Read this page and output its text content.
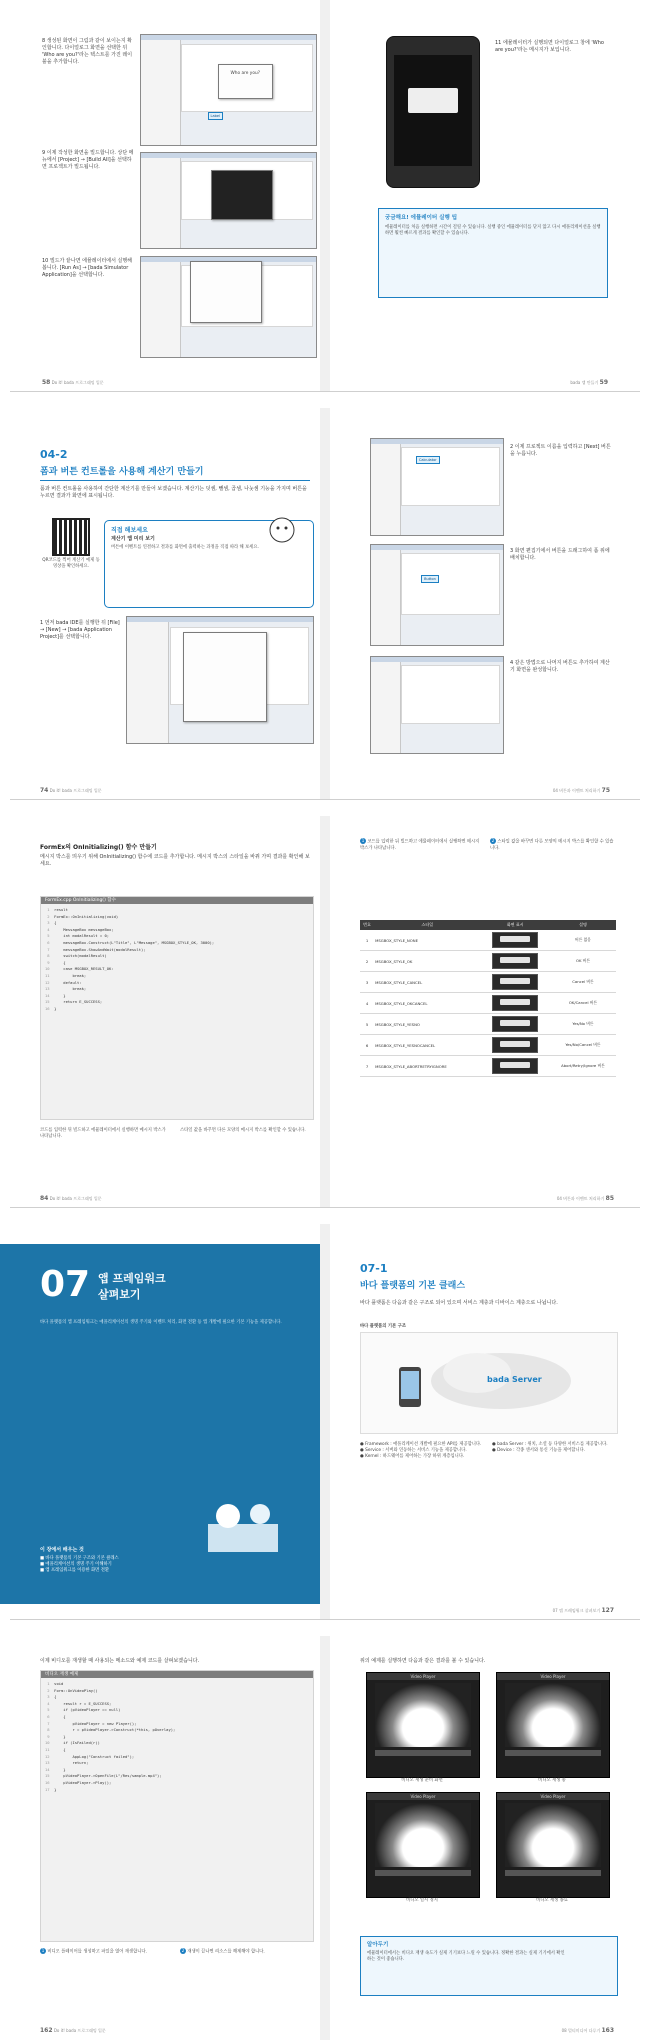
8 생성된 화면이 그림과 같이 보이는지 확인합니다. 다이얼로그 화면을 선택한 뒤 'Who are you?'라는 텍스트를 가진 레이블을 추가합니다.
Who are you?
Label
9 이제 작성한 화면을 빌드합니다. 상단 메뉴에서 [Project] → [Build All]을 선택하면 프로젝트가 빌드됩니다.
10 빌드가 끝나면 에뮬레이터에서 실행해 봅니다. [Run As] → [bada Simulator Application]을 선택합니다.
58 Do it! bada 프로그래밍 입문
11 에뮬레이터가 실행되면 다이얼로그 창에 'Who are you?'라는 메시지가 보입니다.
궁금해요! 에뮬레이터 실행 팁
에뮬레이터를 처음 실행하면 시간이 걸릴 수 있습니다. 실행 중인 에뮬레이터를 닫지 않고 다시 애플리케이션을 실행하면 훨씬 빠르게 결과를 확인할 수 있습니다.
bada 앱 만들기 59
04-2
폼과 버튼 컨트롤을 사용해 계산기 만들기
폼과 버튼 컨트롤을 사용하여 간단한 계산기를 만들어 보겠습니다. 계산기는 덧셈, 뺄셈, 곱셈, 나눗셈 기능을 가지며 버튼을 누르면 결과가 화면에 표시됩니다.
QR코드를 찍어 계산기 예제 동영상을 확인하세요.
직접 해보세요
계산기 앱 미리 보기
버튼에 이벤트를 연결하고 결과를 화면에 출력하는 과정을 직접 따라 해 보세요.
1 먼저 bada IDE를 실행한 뒤 [File] → [New] → [bada Application Project]를 선택합니다.
74 Do it! bada 프로그래밍 입문
Calculator
2 이제 프로젝트 이름을 입력하고 [Next] 버튼을 누릅니다.
Button
3 화면 편집기에서 버튼을 드래그하여 폼 위에 배치합니다.
4 같은 방법으로 나머지 버튼도 추가하여 계산기 화면을 완성합니다.
04 버튼과 이벤트 처리하기 75
FormEx의 OnInitializing() 함수 만들기
메시지 박스를 띄우기 위해 OnInitializing() 함수에 코드를 추가합니다. 메시지 박스의 스타일을 바꿔 가며 결과를 확인해 보세요.
FormEx.cpp OnInitializing() 함수
1  result
2  FormEx::OnInitializing(void)
3  {
4      MessageBox messageBox;
5      int modalResult = 0;
6      messageBox.Construct(L"Title", L"Message", MSGBOX_STYLE_OK, 3000);
7      messageBox.ShowAndWait(modalResult);
8      switch(modalResult)
9      {
10      case MSGBOX_RESULT_OK:
11          break;
12      default:
13          break;
14      }
15      return E_SUCCESS;
16  }
코드를 입력한 뒤 빌드하고 에뮬레이터에서 실행하면 메시지 박스가 나타납니다.
스타일 값을 바꾸면 다른 모양의 메시지 박스를 확인할 수 있습니다.
84 Do it! bada 프로그래밍 입문
1 코드를 입력한 뒤 빌드하고 에뮬레이터에서 실행하면 메시지 박스가 나타납니다.
2 스타일 값을 바꾸면 다른 모양의 메시지 박스를 확인할 수 있습니다.
번호	스타일	화면 표시	설명
1	MSGBOX_STYLE_NONE		버튼 없음
2	MSGBOX_STYLE_OK		OK 버튼
3	MSGBOX_STYLE_CANCEL		Cancel 버튼
4	MSGBOX_STYLE_OKCANCEL		OK/Cancel 버튼
5	MSGBOX_STYLE_YESNO		Yes/No 버튼
6	MSGBOX_STYLE_YESNOCANCEL		Yes/No/Cancel 버튼
7	MSGBOX_STYLE_ABORTRETRYIGNORE		Abort/Retry/Ignore 버튼
04 버튼과 이벤트 처리하기 85
07 앱 프레임워크
살펴보기
바다 플랫폼의 앱 프레임워크는 애플리케이션의 생명 주기와 이벤트 처리, 화면 전환 등 앱 개발에 필요한 기본 기능을 제공합니다.
이 장에서 배우는 것
■ 바다 플랫폼의 기본 구조와 기본 클래스
■ 애플리케이션의 생명 주기 이해하기
■ 앱 프레임워크를 이용한 화면 전환
07-1
바다 플랫폼의 기본 클래스
바다 플랫폼은 다음과 같은 구조로 되어 있으며 서비스 계층과 디바이스 계층으로 나뉩니다.
바다 플랫폼의 기본 구조
bada Server
● Framework : 애플리케이션 개발에 필요한 API를 제공합니다.
● Service : 서버와 연동하는 서비스 기능을 제공합니다.
● Kernel : 하드웨어를 제어하는 가장 하위 계층입니다.
● bada Server : 위치, 소셜 등 다양한 서비스를 제공합니다.
● Device : 각종 센서와 통신 기능을 제어합니다.
07 앱 프레임워크 살펴보기 127
이제 비디오를 재생할 때 사용되는 메소드와 예제 코드를 살펴보겠습니다.
비디오 재생 예제
1  void
2  Form::OnVideoPlay()
3  {
4      result r = E_SUCCESS;
5      if (pVideoPlayer == null)
6      {
7          pVideoPlayer = new Player();
8          r = pVideoPlayer->Construct(*this, pOverlay);
9      }
10      if (IsFailed(r))
11      {
12          AppLog("Construct failed");
13          return;
14      }
15      pVideoPlayer->OpenFile(L"/Res/sample.mp4");
16      pVideoPlayer->Play();
17  }
1 비디오 플레이어를 생성하고 파일을 열어 재생합니다.	2 재생이 끝나면 리소스를 해제해야 합니다.
162 Do it! bada 프로그래밍 입문
위의 예제를 실행하면 다음과 같은 결과를 볼 수 있습니다.
Video Player
비디오 재생 준비 화면
Video Player
비디오 재생 중
Video Player
비디오 일시 정지
Video Player
비디오 재생 종료
알아두기
에뮬레이터에서는 비디오 재생 속도가 실제 기기보다 느릴 수 있습니다. 정확한 결과는 실제 기기에서 확인하는 것이 좋습니다.
08 멀티미디어 다루기 163
